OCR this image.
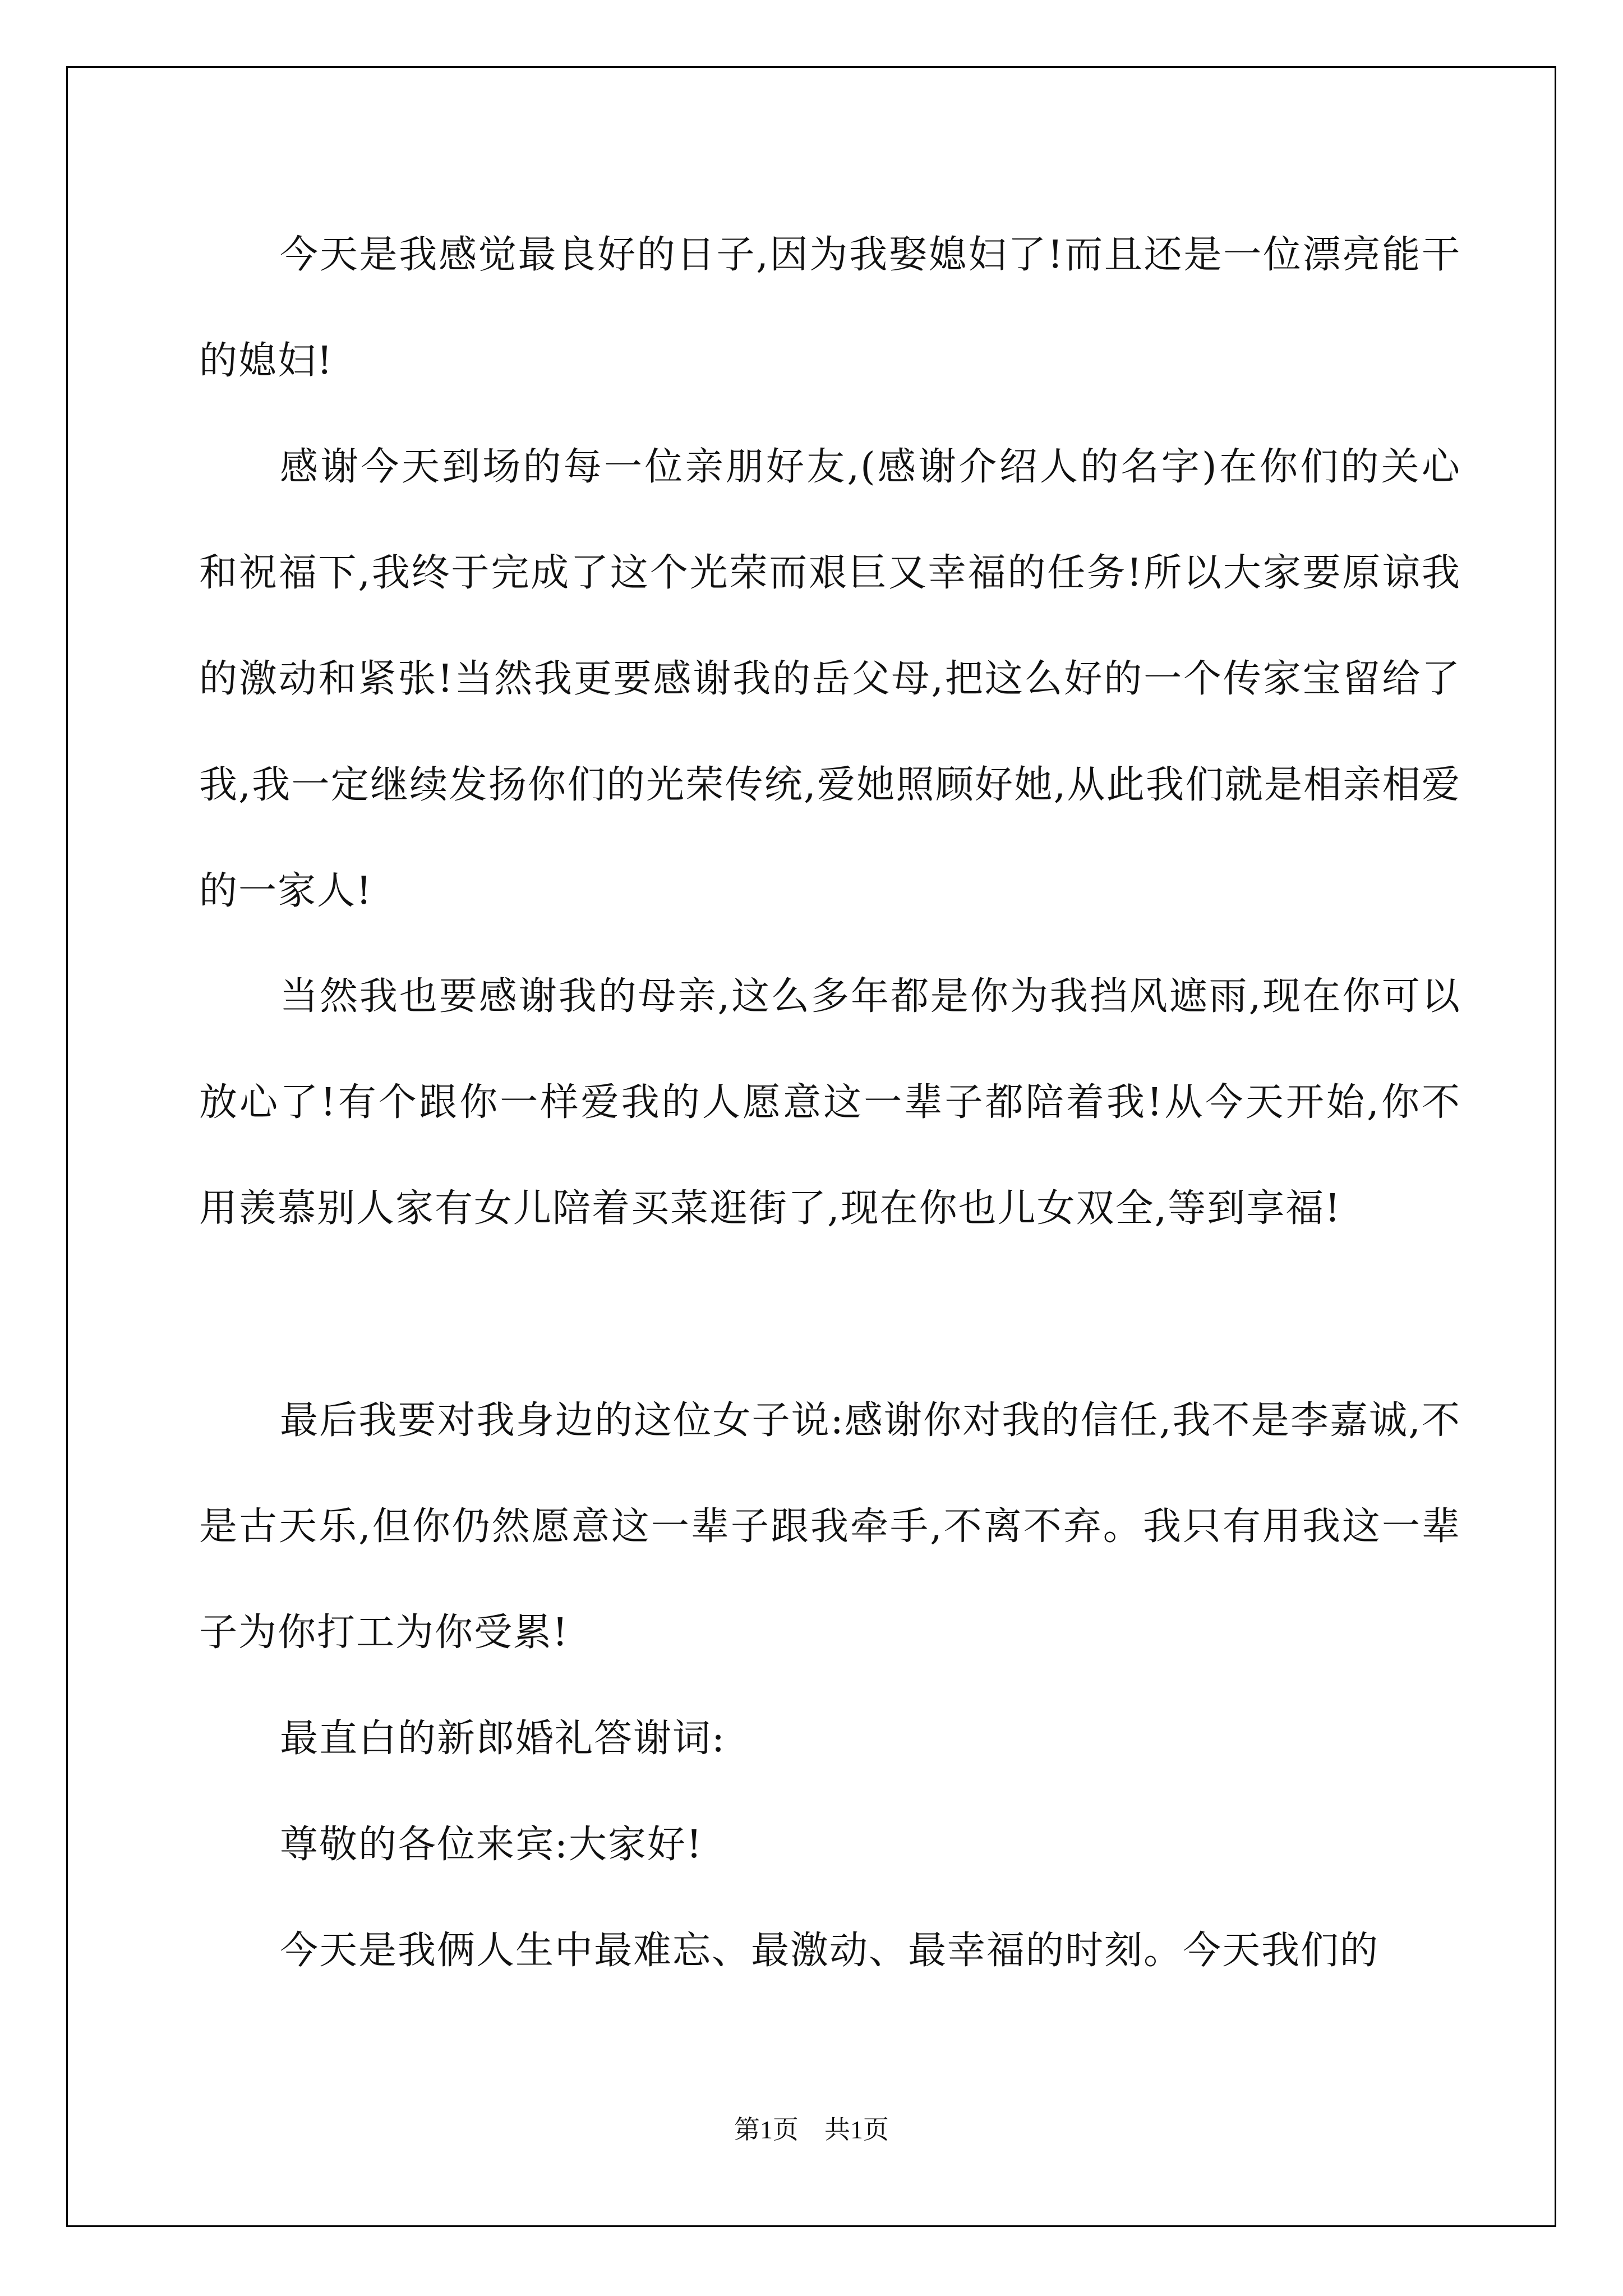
今天是我感觉最良好的日子,因为我娶媳妇了!而且还是一位漂亮能干的媳妇!

感谢今天到场的每一位亲朋好友,(感谢介绍人的名字)在你们的关心和祝福下,我终于完成了这个光荣而艰巨又幸福的任务!所以大家要原谅我的激动和紧张!当然我更要感谢我的岳父母,把这么好的一个传家宝留给了我,我一定继续发扬你们的光荣传统,爱她照顾好她,从此我们就是相亲相爱的一家人!

当然我也要感谢我的母亲,这么多年都是你为我挡风遮雨,现在你可以放心了!有个跟你一样爱我的人愿意这一辈子都陪着我!从今天开始,你不用羡慕别人家有女儿陪着买菜逛街了,现在你也儿女双全,等到享福!

最后我要对我身边的这位女子说:感谢你对我的信任,我不是李嘉诚,不是古天乐,但你仍然愿意这一辈子跟我牵手,不离不弃。我只有用我这一辈子为你打工为你受累!

最直白的新郎婚礼答谢词:

尊敬的各位来宾:大家好!

今天是我俩人生中最难忘、最激动、最幸福的时刻。今天我们的

第1页　共1页
